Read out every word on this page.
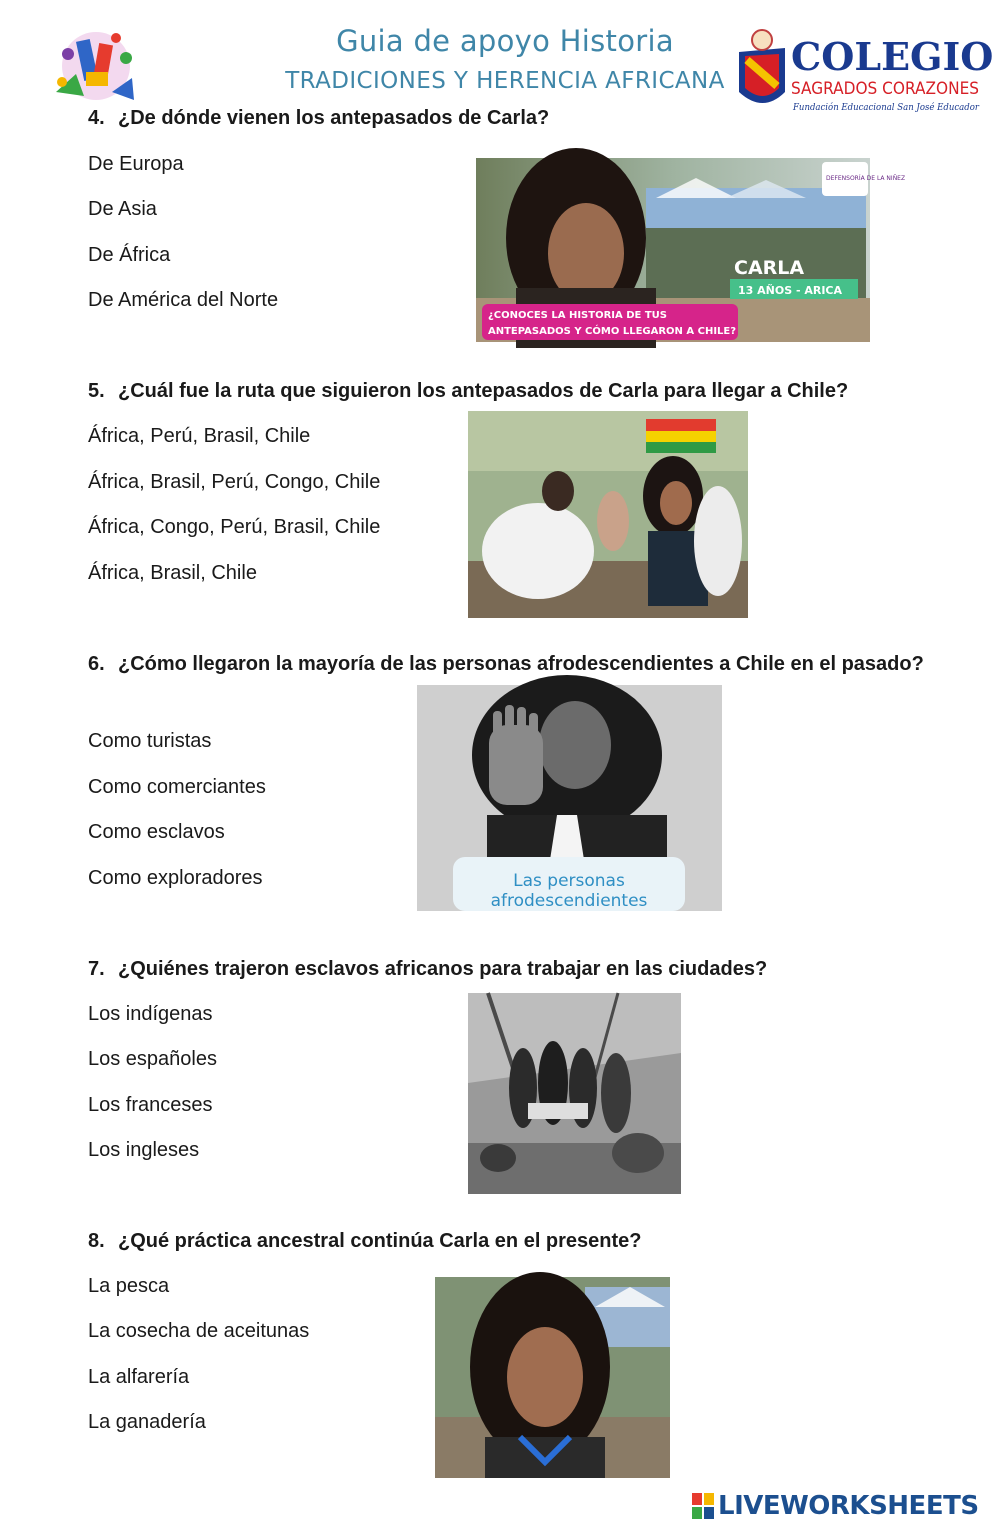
Guia de apoyo Historia
TRADICIONES Y HERENCIA AFRICANA
COLEGIO
SAGRADOS CORAZONES
Fundación Educacional San José Educador

4. ¿De dónde vienen los antepasados de Carla?

De Europa
De Asia
De África
De América del Norte
DEFENSORÍA DE LA NIÑEZ
CARLA
13 AÑOS - ARICA
¿CONOCES LA HISTORIA DE TUS
ANTEPASADOS Y CÓMO LLEGARON A CHILE?

5. ¿Cuál fue la ruta que siguieron los antepasados de Carla para llegar a Chile?

África, Perú, Brasil, Chile
África, Brasil, Perú, Congo, Chile
África, Congo, Perú, Brasil, Chile
África, Brasil, Chile

6. ¿Cómo llegaron la mayoría de las personas afrodescendientes a Chile en el pasado?

Como turistas
Como comerciantes
Como esclavos
Como exploradores	Las personas
afrodescendientes

7. ¿Quiénes trajeron esclavos africanos para trabajar en las ciudades?

Los indígenas
Los españoles
Los franceses
Los ingleses

8. ¿Qué práctica ancestral continúa Carla en el presente?

La pesca
La cosecha de aceitunas
La alfarería
La ganadería
LIVEWORKSHEETS
